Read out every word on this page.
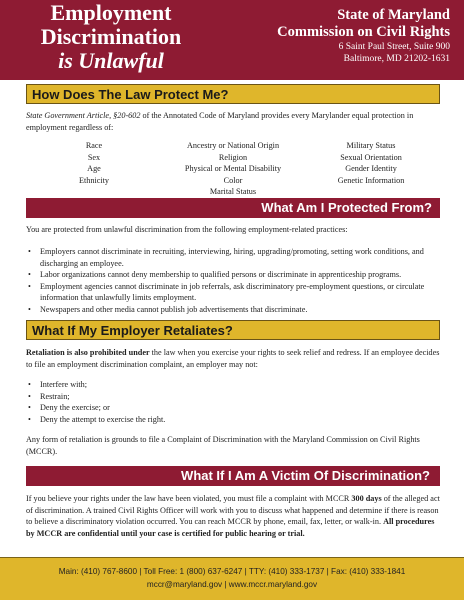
Employment
Discrimination
is Unlawful
State of Maryland
Commission on Civil Rights
6 Saint Paul Street, Suite 900
Baltimore, MD 21202-1631
How Does The Law Protect Me?
State Government Article, §20-602 of the Annotated Code of Maryland provides every Marylander equal protection in employment regardless of:
Race
Sex
Age
Ethnicity
Ancestry or National Origin
Religion
Physical or Mental Disability
Color
Marital Status
Military Status
Sexual Orientation
Gender Identity
Genetic Information
What Am I Protected From?
You are protected from unlawful discrimination from the following employment-related practices:
• Employers cannot discriminate in recruiting, interviewing, hiring, upgrading/promoting, setting work conditions, and discharging an employee.
• Labor organizations cannot deny membership to qualified persons or discriminate in apprenticeship programs.
• Employment agencies cannot discriminate in job referrals, ask discriminatory pre-employment questions, or circulate information that unlawfully limits employment.
• Newspapers and other media cannot publish job advertisements that discriminate.
What If My Employer Retaliates?
Retaliation is also prohibited under the law when you exercise your rights to seek relief and redress. If an employee decides to file an employment discrimination complaint, an employer may not:
• Interfere with;
• Restrain;
• Deny the exercise; or
• Deny the attempt to exercise the right.
Any form of retaliation is grounds to file a Complaint of Discrimination with the Maryland Commission on Civil Rights (MCCR).
What If I Am A Victim Of Discrimination?
If you believe your rights under the law have been violated, you must file a complaint with MCCR 300 days of the alleged act of discrimination. A trained Civil Rights Officer will work with you to discuss what happened and determine if there is reason to believe a discriminatory violation occurred. You can reach MCCR by phone, email, fax, letter, or walk-in. All procedures by MCCR are confidential until your case is certified for public hearing or trial.
Main: (410) 767-8600 | Toll Free: 1 (800) 637-6247 | TTY: (410) 333-1737 | Fax: (410) 333-1841
mccr@maryland.gov | www.mccr.maryland.gov
